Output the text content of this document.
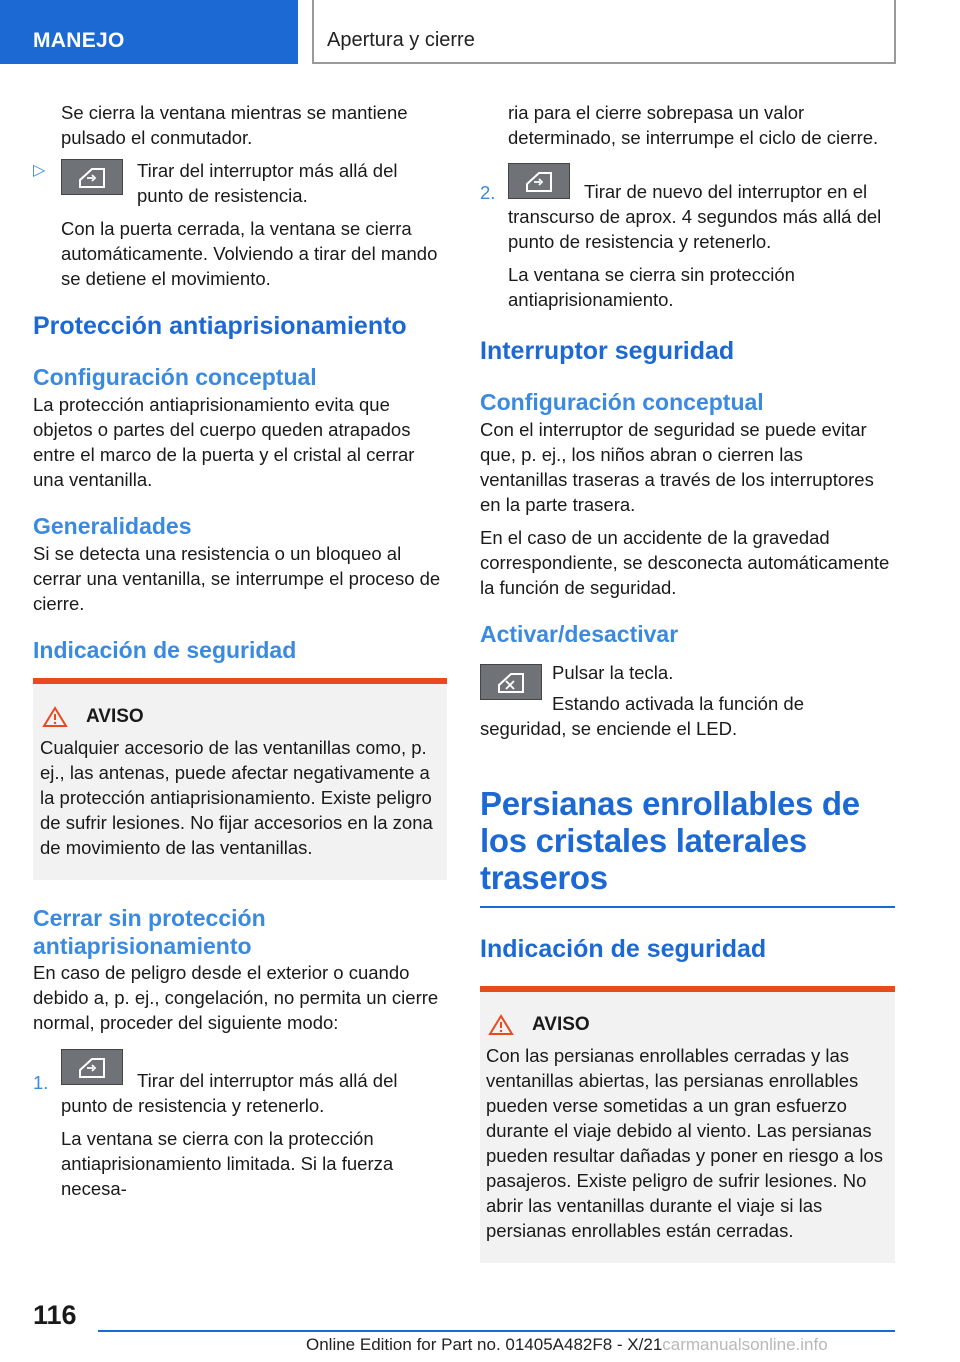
MANEJO	Apertura y cierre

Se cierra la ventana mientras se mantiene pulsado el conmutador.

▷	Tirar del interruptor más allá del punto de resistencia.

Con la puerta cerrada, la ventana se cierra automáticamente. Volviendo a tirar del mando se detiene el movimiento.

Protección antiaprisionamiento
Configuración conceptual

La protección antiaprisionamiento evita que objetos o partes del cuerpo queden atrapados entre el marco de la puerta y el cristal al cerrar una ventanilla.

Generalidades

Si se detecta una resistencia o un bloqueo al cerrar una ventanilla, se interrumpe el proceso de cierre.

Indicación de seguridad
AVISO

Cualquier accesorio de las ventanillas como, p. ej., las antenas, puede afectar negativamente a la protección antiaprisionamiento. Existe peligro de sufrir lesiones. No fijar accesorios en la zona de movimiento de las ventanillas.

Cerrar sin protección antiaprisionamiento

En caso de peligro desde el exterior o cuando debido a, p. ej., congelación, no permita un cierre normal, proceder del siguiente modo:

1.	Tirar del interruptor más allá del punto de resistencia y retenerlo.

La ventana se cierra con la protección antiaprisionamiento limitada. Si la fuerza necesa-

ria para el cierre sobrepasa un valor determinado, se interrumpe el ciclo de cierre.

2.	Tirar de nuevo del interruptor en el transcurso de aprox. 4 segundos más allá del punto de resistencia y retenerlo.

La ventana se cierra sin protección antiaprisionamiento.

Interruptor seguridad
Configuración conceptual

Con el interruptor de seguridad se puede evitar que, p. ej., los niños abran o cierren las ventanillas traseras a través de los interruptores en la parte trasera.

En el caso de un accidente de la gravedad correspondiente, se desconecta automáticamente la función de seguridad.

Activar/desactivar

Pulsar la tecla.

Estando activada la función de seguridad, se enciende el LED.

Persianas enrollables de los cristales laterales traseros
Indicación de seguridad
AVISO

Con las persianas enrollables cerradas y las ventanillas abiertas, las persianas enrollables pueden verse sometidas a un gran esfuerzo durante el viaje debido al viento. Las persianas pueden resultar dañadas y poner en riesgo a los pasajeros. Existe peligro de sufrir lesiones. No abrir las ventanillas durante el viaje si las persianas enrollables están cerradas.

116
Online Edition for Part no. 01405A482F8 - X/21carmanualsonline.info
